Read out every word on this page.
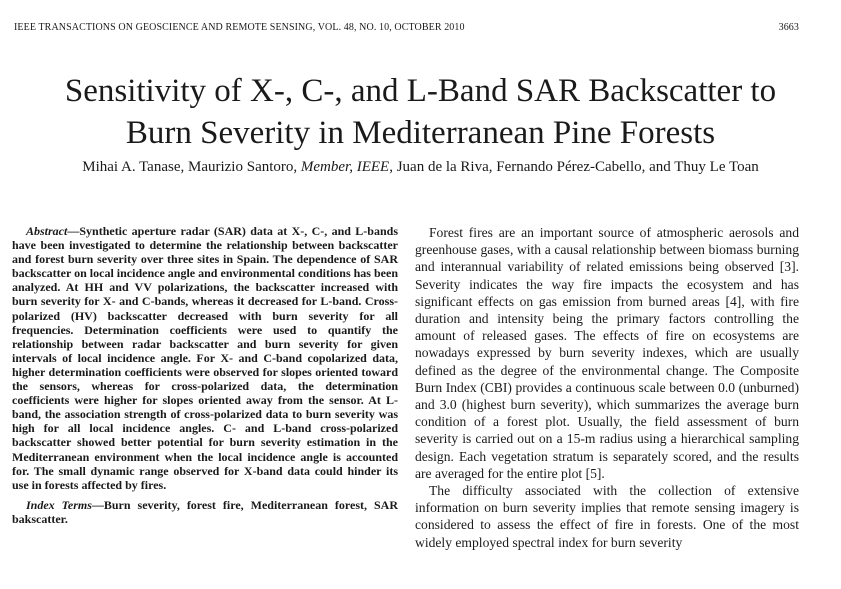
IEEE TRANSACTIONS ON GEOSCIENCE AND REMOTE SENSING, VOL. 48, NO. 10, OCTOBER 2010	3663
Sensitivity of X-, C-, and L-Band SAR Backscatter to
Burn Severity in Mediterranean Pine Forests
Mihai A. Tanase, Maurizio Santoro, Member, IEEE, Juan de la Riva, Fernando Pérez-Cabello, and Thuy Le Toan

Abstract—Synthetic aperture radar (SAR) data at X-, C-, and L-bands have been investigated to determine the relationship between backscatter and forest burn severity over three sites in Spain. The dependence of SAR backscatter on local incidence angle and environmental conditions has been analyzed. At HH and VV polarizations, the backscatter increased with burn severity for X- and C-bands, whereas it decreased for L-band. Cross-polarized (HV) backscatter decreased with burn severity for all frequencies. Determination coefficients were used to quantify the relationship between radar backscatter and burn severity for given intervals of local incidence angle. For X- and C-band copolarized data, higher determination coefficients were observed for slopes oriented toward the sensors, whereas for cross-polarized data, the determination coefficients were higher for slopes oriented away from the sensor. At L-band, the association strength of cross-polarized data to burn severity was high for all local incidence angles. C- and L-band cross-polarized backscatter showed better potential for burn severity estimation in the Mediterranean environment when the local incidence angle is accounted for. The small dynamic range observed for X-band data could hinder its use in forests affected by fires.

Index Terms—Burn severity, forest fire, Mediterranean forest, SAR bakscatter.

Forest fires are an important source of atmospheric aerosols and greenhouse gases, with a causal relationship between biomass burning and interannual variability of related emissions being observed [3]. Severity indicates the way fire impacts the ecosystem and has significant effects on gas emission from burned areas [4], with fire duration and intensity being the primary factors controlling the amount of released gases. The effects of fire on ecosystems are nowadays expressed by burn severity indexes, which are usually defined as the degree of the environmental change. The Composite Burn Index (CBI) provides a continuous scale between 0.0 (unburned) and 3.0 (highest burn severity), which summarizes the average burn condition of a forest plot. Usually, the field assessment of burn severity is carried out on a 15-m radius using a hierarchical sampling design. Each vegetation stratum is separately scored, and the results are averaged for the entire plot [5].

The difficulty associated with the collection of extensive information on burn severity implies that remote sensing imagery is considered to assess the effect of fire in forests. One of the most widely employed spectral index for burn severity
